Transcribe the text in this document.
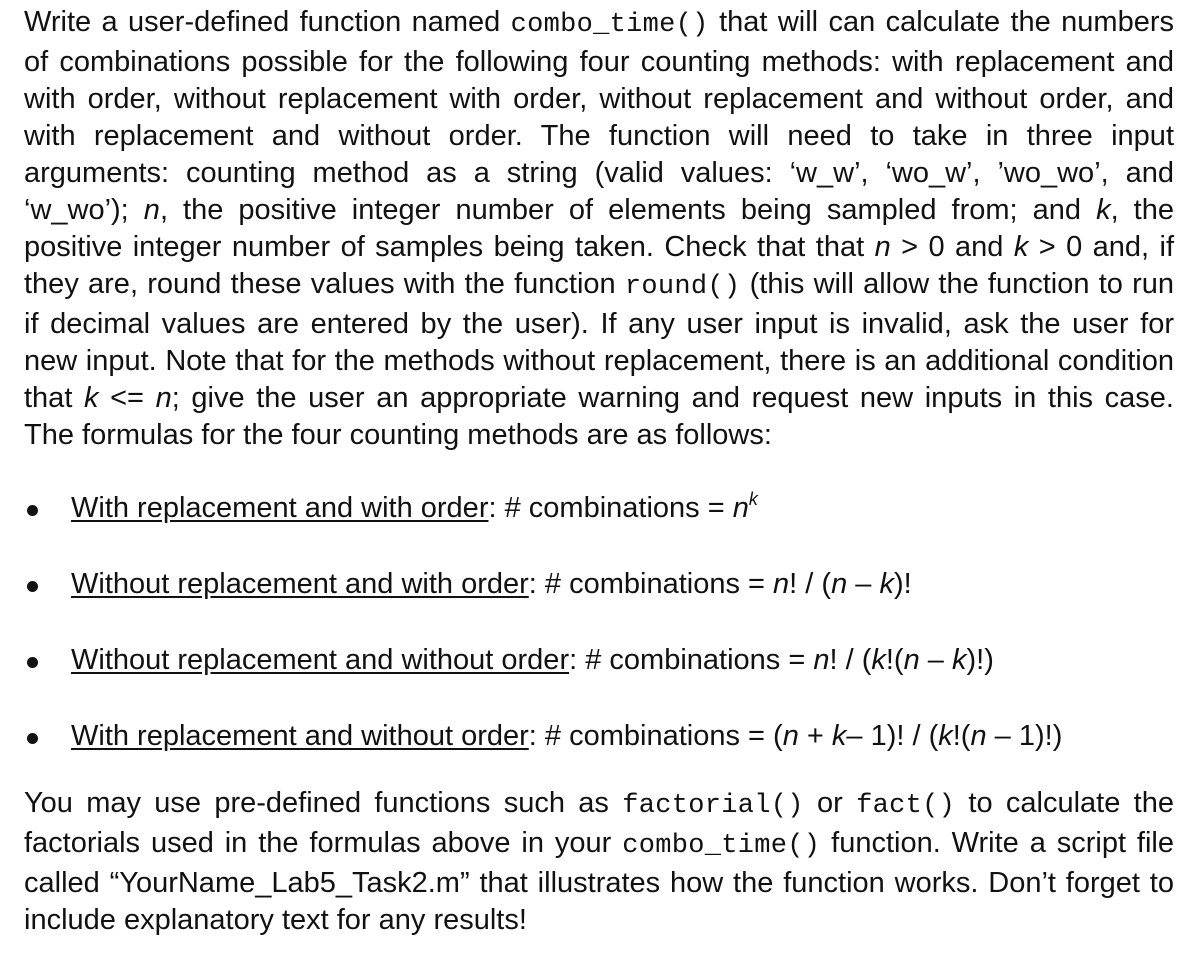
Write a user-defined function named combo_time() that will can calculate the numbers of combinations possible for the following four counting methods: with replacement and with order, without replacement with order, without replacement and without order, and with replacement and without order. The function will need to take in three input arguments: counting method as a string (valid values: ‘w_w’, ‘wo_w’, ’wo_wo’, and ‘w_wo’); n, the positive integer number of elements being sampled from; and k, the positive integer number of samples being taken. Check that that n > 0 and k > 0 and, if they are, round these values with the function round() (this will allow the function to run if decimal values are entered by the user). If any user input is invalid, ask the user for new input. Note that for the methods without replacement, there is an additional condition that k <= n; give the user an appropriate warning and request new inputs in this case. The formulas for the four counting methods are as follows:

With replacement and with order: # combinations = $n^k$
Without replacement and with order: # combinations = n! / (n – k)!
Without replacement and without order: # combinations = n! / (k!(n – k)!)
With replacement and without order: # combinations = (n + k– 1)! / (k!(n – 1)!)

You may use pre-defined functions such as factorial() or fact() to calculate the factorials used in the formulas above in your combo_time() function. Write a script file called “YourName_Lab5_Task2.m” that illustrates how the function works. Don’t forget to include explanatory text for any results!
